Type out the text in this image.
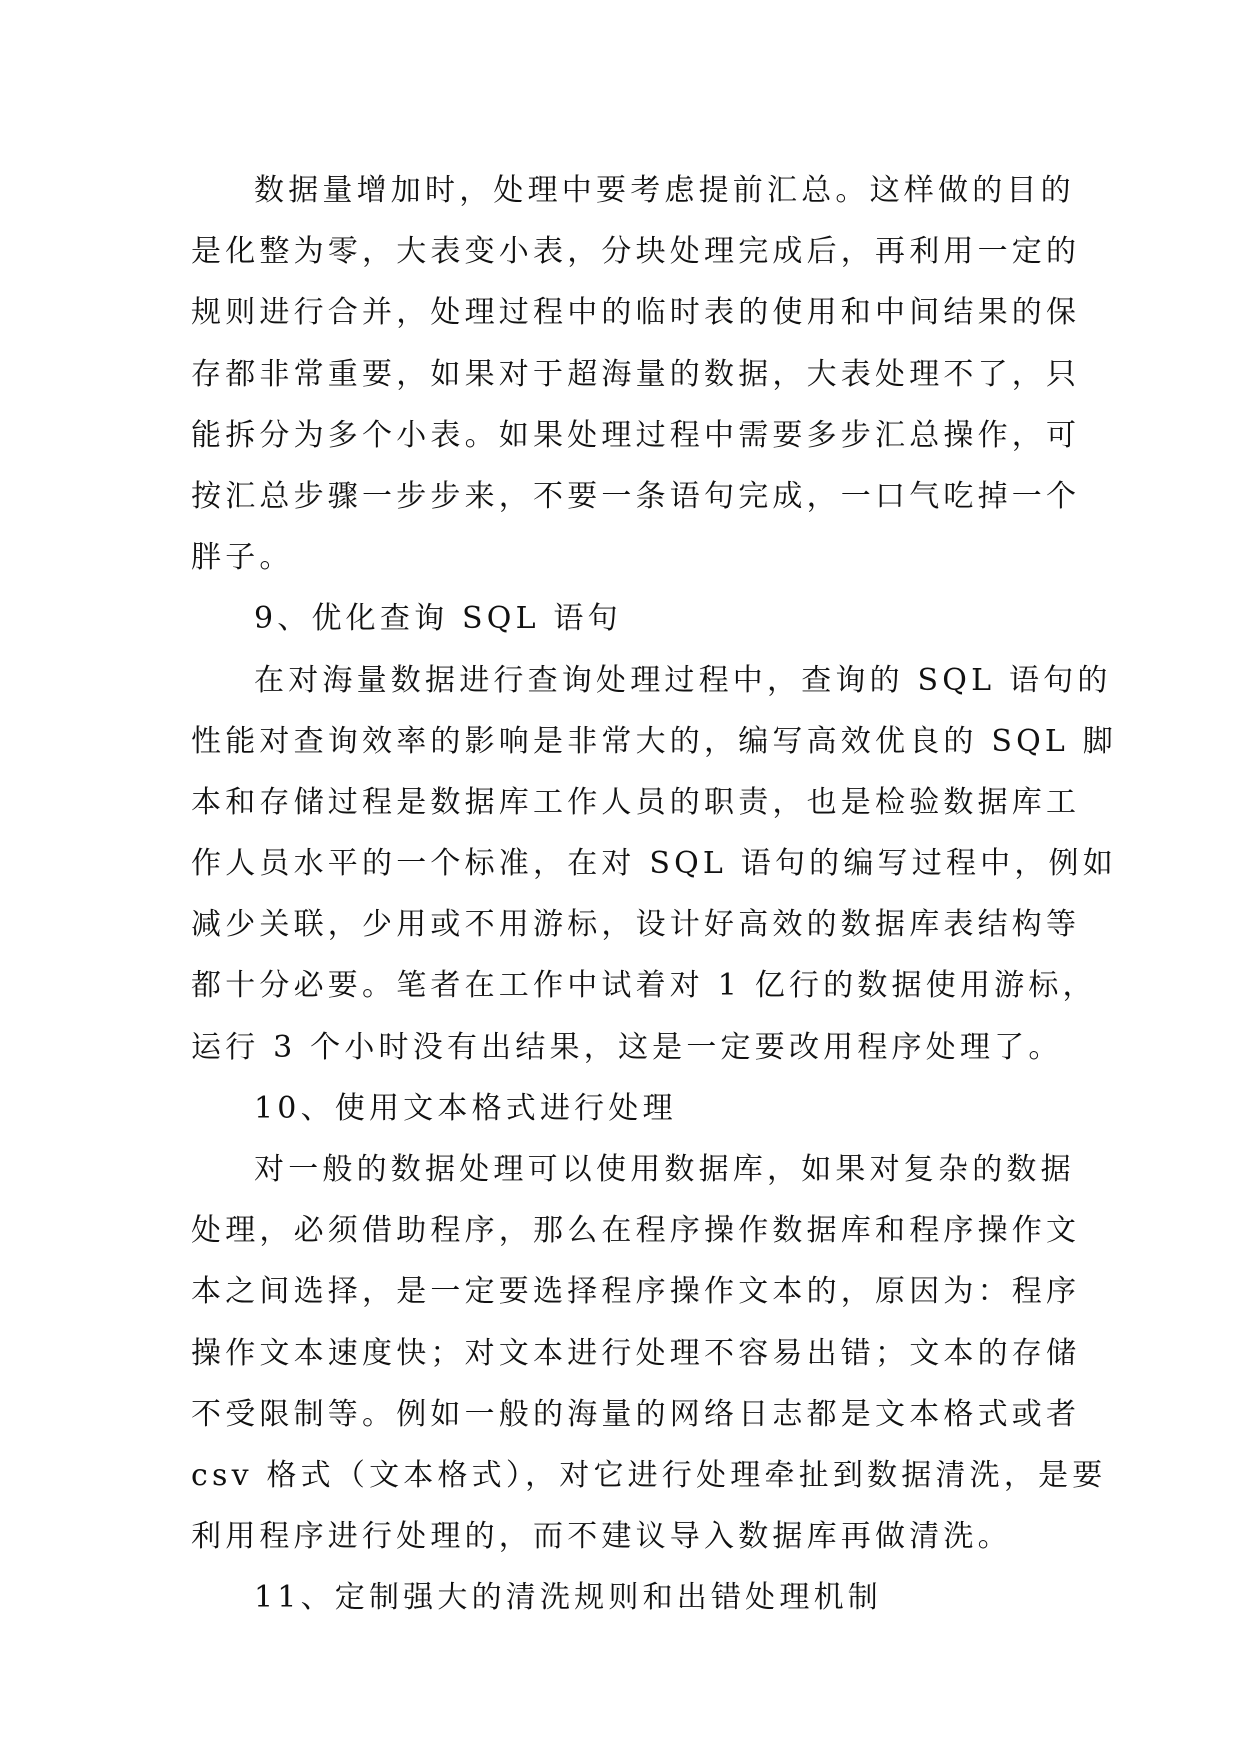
数据量增加时，处理中要考虑提前汇总。这样做的目的
是化整为零，大表变小表，分块处理完成后，再利用一定的
规则进行合并，处理过程中的临时表的使用和中间结果的保
存都非常重要，如果对于超海量的数据，大表处理不了，只
能拆分为多个小表。如果处理过程中需要多步汇总操作，可
按汇总步骤一步步来，不要一条语句完成，一口气吃掉一个
胖子。
9、优化查询 SQL 语句
在对海量数据进行查询处理过程中，查询的 SQL 语句的
性能对查询效率的影响是非常大的，编写高效优良的 SQL 脚
本和存储过程是数据库工作人员的职责，也是检验数据库工
作人员水平的一个标准，在对 SQL 语句的编写过程中，例如
减少关联，少用或不用游标，设计好高效的数据库表结构等
都十分必要。笔者在工作中试着对 1 亿行的数据使用游标，
运行 3 个小时没有出结果，这是一定要改用程序处理了。
10、使用文本格式进行处理
对一般的数据处理可以使用数据库，如果对复杂的数据
处理，必须借助程序，那么在程序操作数据库和程序操作文
本之间选择，是一定要选择程序操作文本的，原因为：程序
操作文本速度快；对文本进行处理不容易出错；文本的存储
不受限制等。例如一般的海量的网络日志都是文本格式或者
csv 格式（文本格式），对它进行处理牵扯到数据清洗，是要
利用程序进行处理的，而不建议导入数据库再做清洗。
11、定制强大的清洗规则和出错处理机制
